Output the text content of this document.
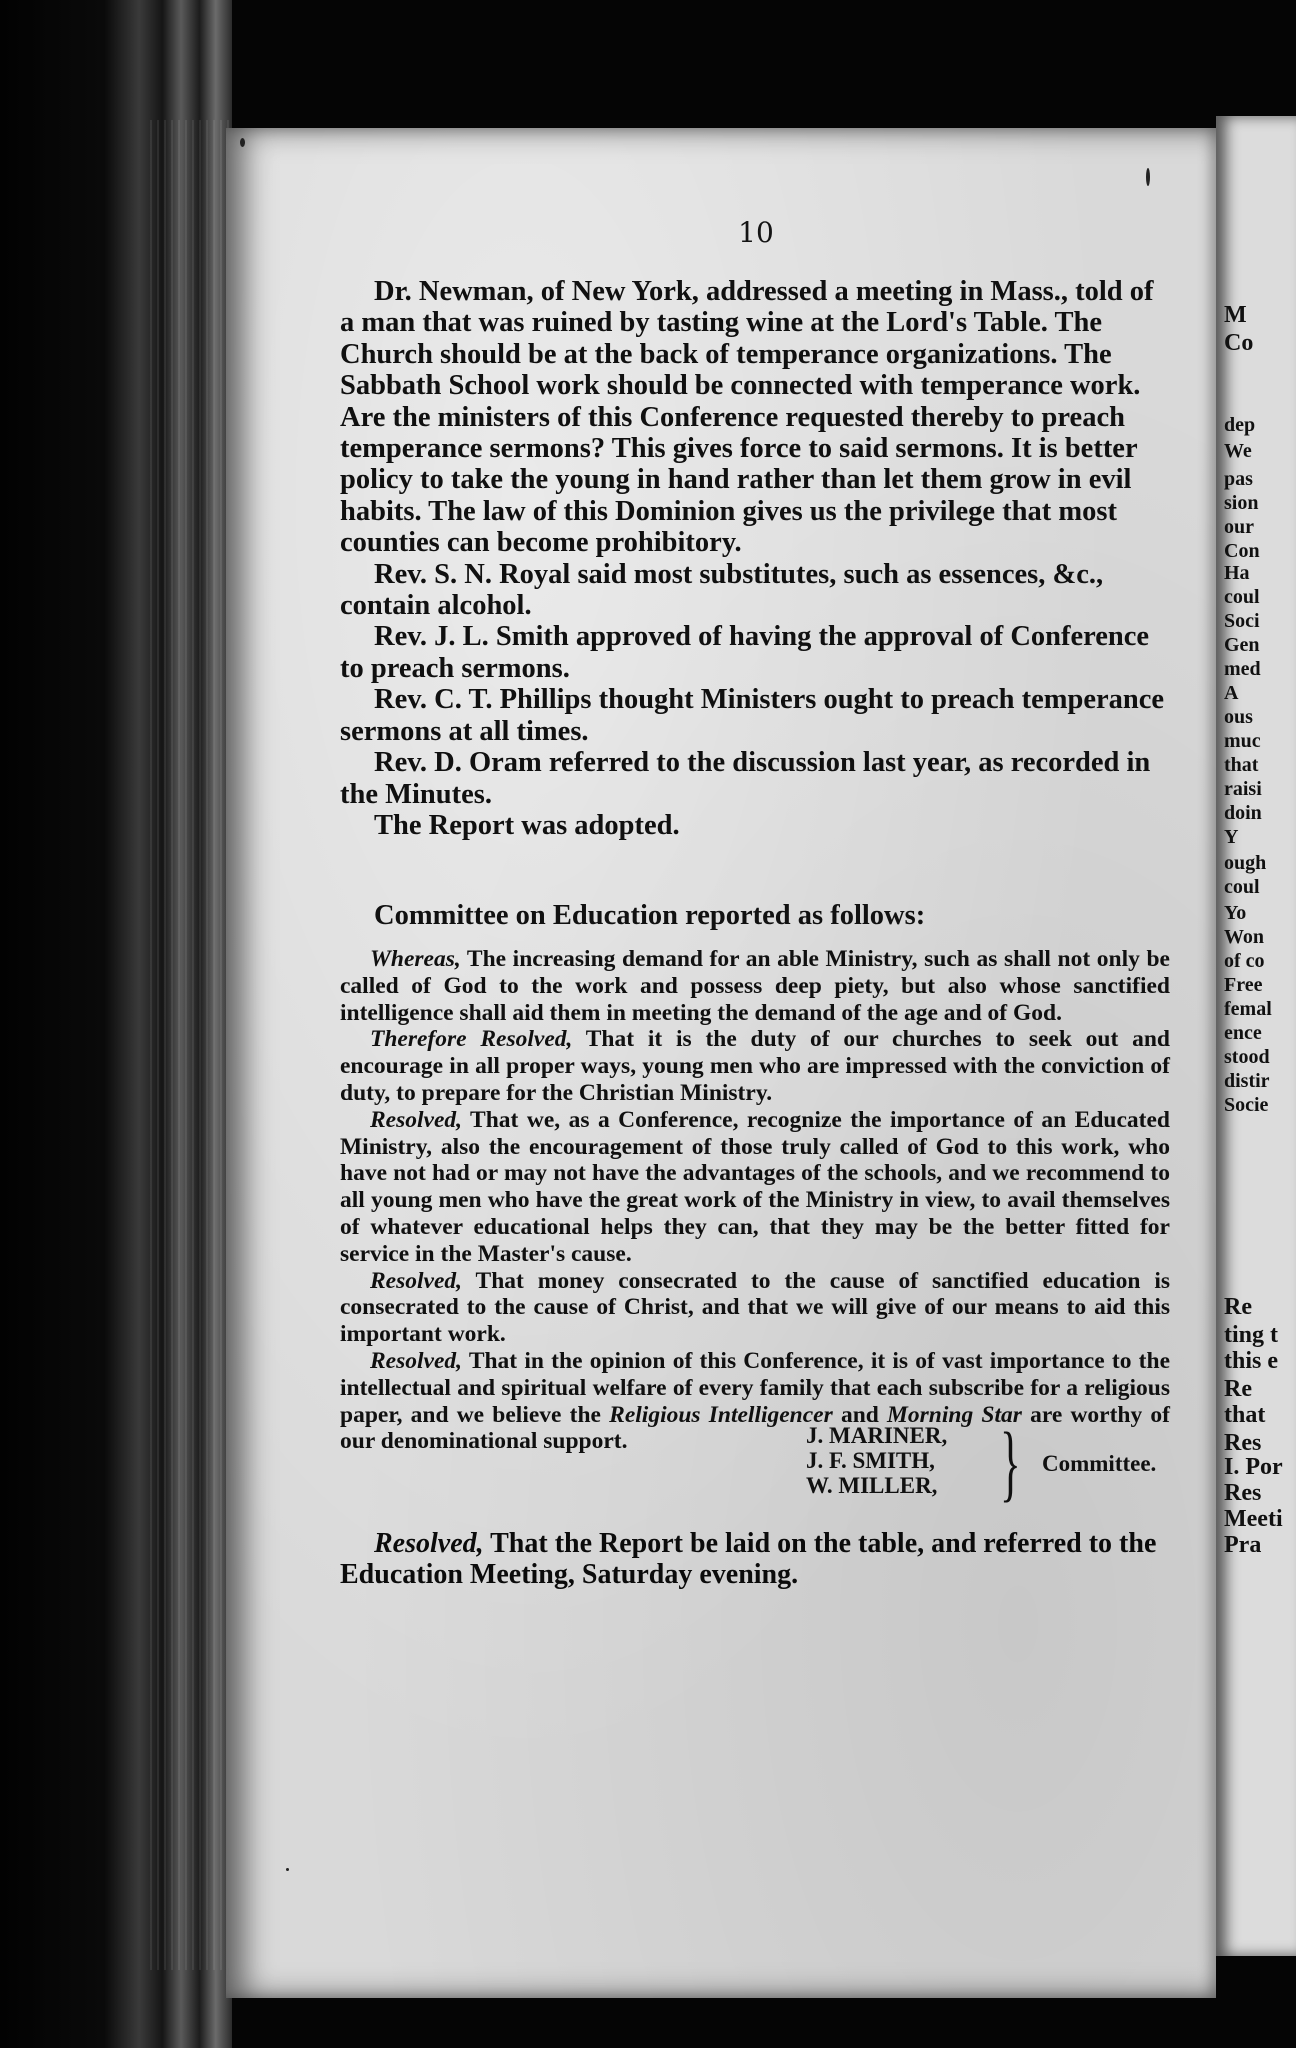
10

Dr. Newman, of New York, addressed a meeting in Mass., told of a man that was ruined by tasting wine at the Lord's Table. The Church should be at the back of temperance organizations. The Sabbath School work should be connected with temperance work. Are the ministers of this Conference requested thereby to preach temperance sermons? This gives force to said sermons. It is better policy to take the young in hand rather than let them grow in evil habits. The law of this Dominion gives us the privilege that most counties can become prohibitory.

Rev. S. N. Royal said most substitutes, such as essences, &c., contain alcohol.

Rev. J. L. Smith approved of having the approval of Conference to preach sermons.

Rev. C. T. Phillips thought Ministers ought to preach temperance sermons at all times.

Rev. D. Oram referred to the discussion last year, as recorded in the Minutes.

The Report was adopted.

Committee on Education reported as follows:

Whereas, The increasing demand for an able Ministry, such as shall not only be called of God to the work and possess deep piety, but also whose sanctified intelligence shall aid them in meeting the demand of the age and of God.

Therefore Resolved, That it is the duty of our churches to seek out and encourage in all proper ways, young men who are impressed with the conviction of duty, to prepare for the Christian Ministry.

Resolved, That we, as a Conference, recognize the importance of an Educated Ministry, also the encouragement of those truly called of God to this work, who have not had or may not have the advantages of the schools, and we recommend to all young men who have the great work of the Ministry in view, to avail themselves of whatever educational helps they can, that they may be the better fitted for service in the Master's cause.

Resolved, That money consecrated to the cause of sanctified education is consecrated to the cause of Christ, and that we will give of our means to aid this important work.

Resolved, That in the opinion of this Conference, it is of vast importance to the intellectual and spiritual welfare of every family that each subscribe for a religious paper, and we believe the Religious Intelligencer and Morning Star are worthy of our denominational support.	J. MARINER,
J. F. SMITH,
W. MILLER, } Committee.

Resolved, That the Report be laid on the table, and referred to the Education Meeting, Saturday evening.

M
Co
dep
We
pas
sion
our
Con
Ha
coul
Soci
Gen
med
A
ous
muc
that
raisi
doin
Y
ough
coul
Yo
Won
of co
Free
femal
ence
stood
distir
Socie
Re
ting t
this e
Re
that
Res
I. Por
Res
Meeti
Pra
